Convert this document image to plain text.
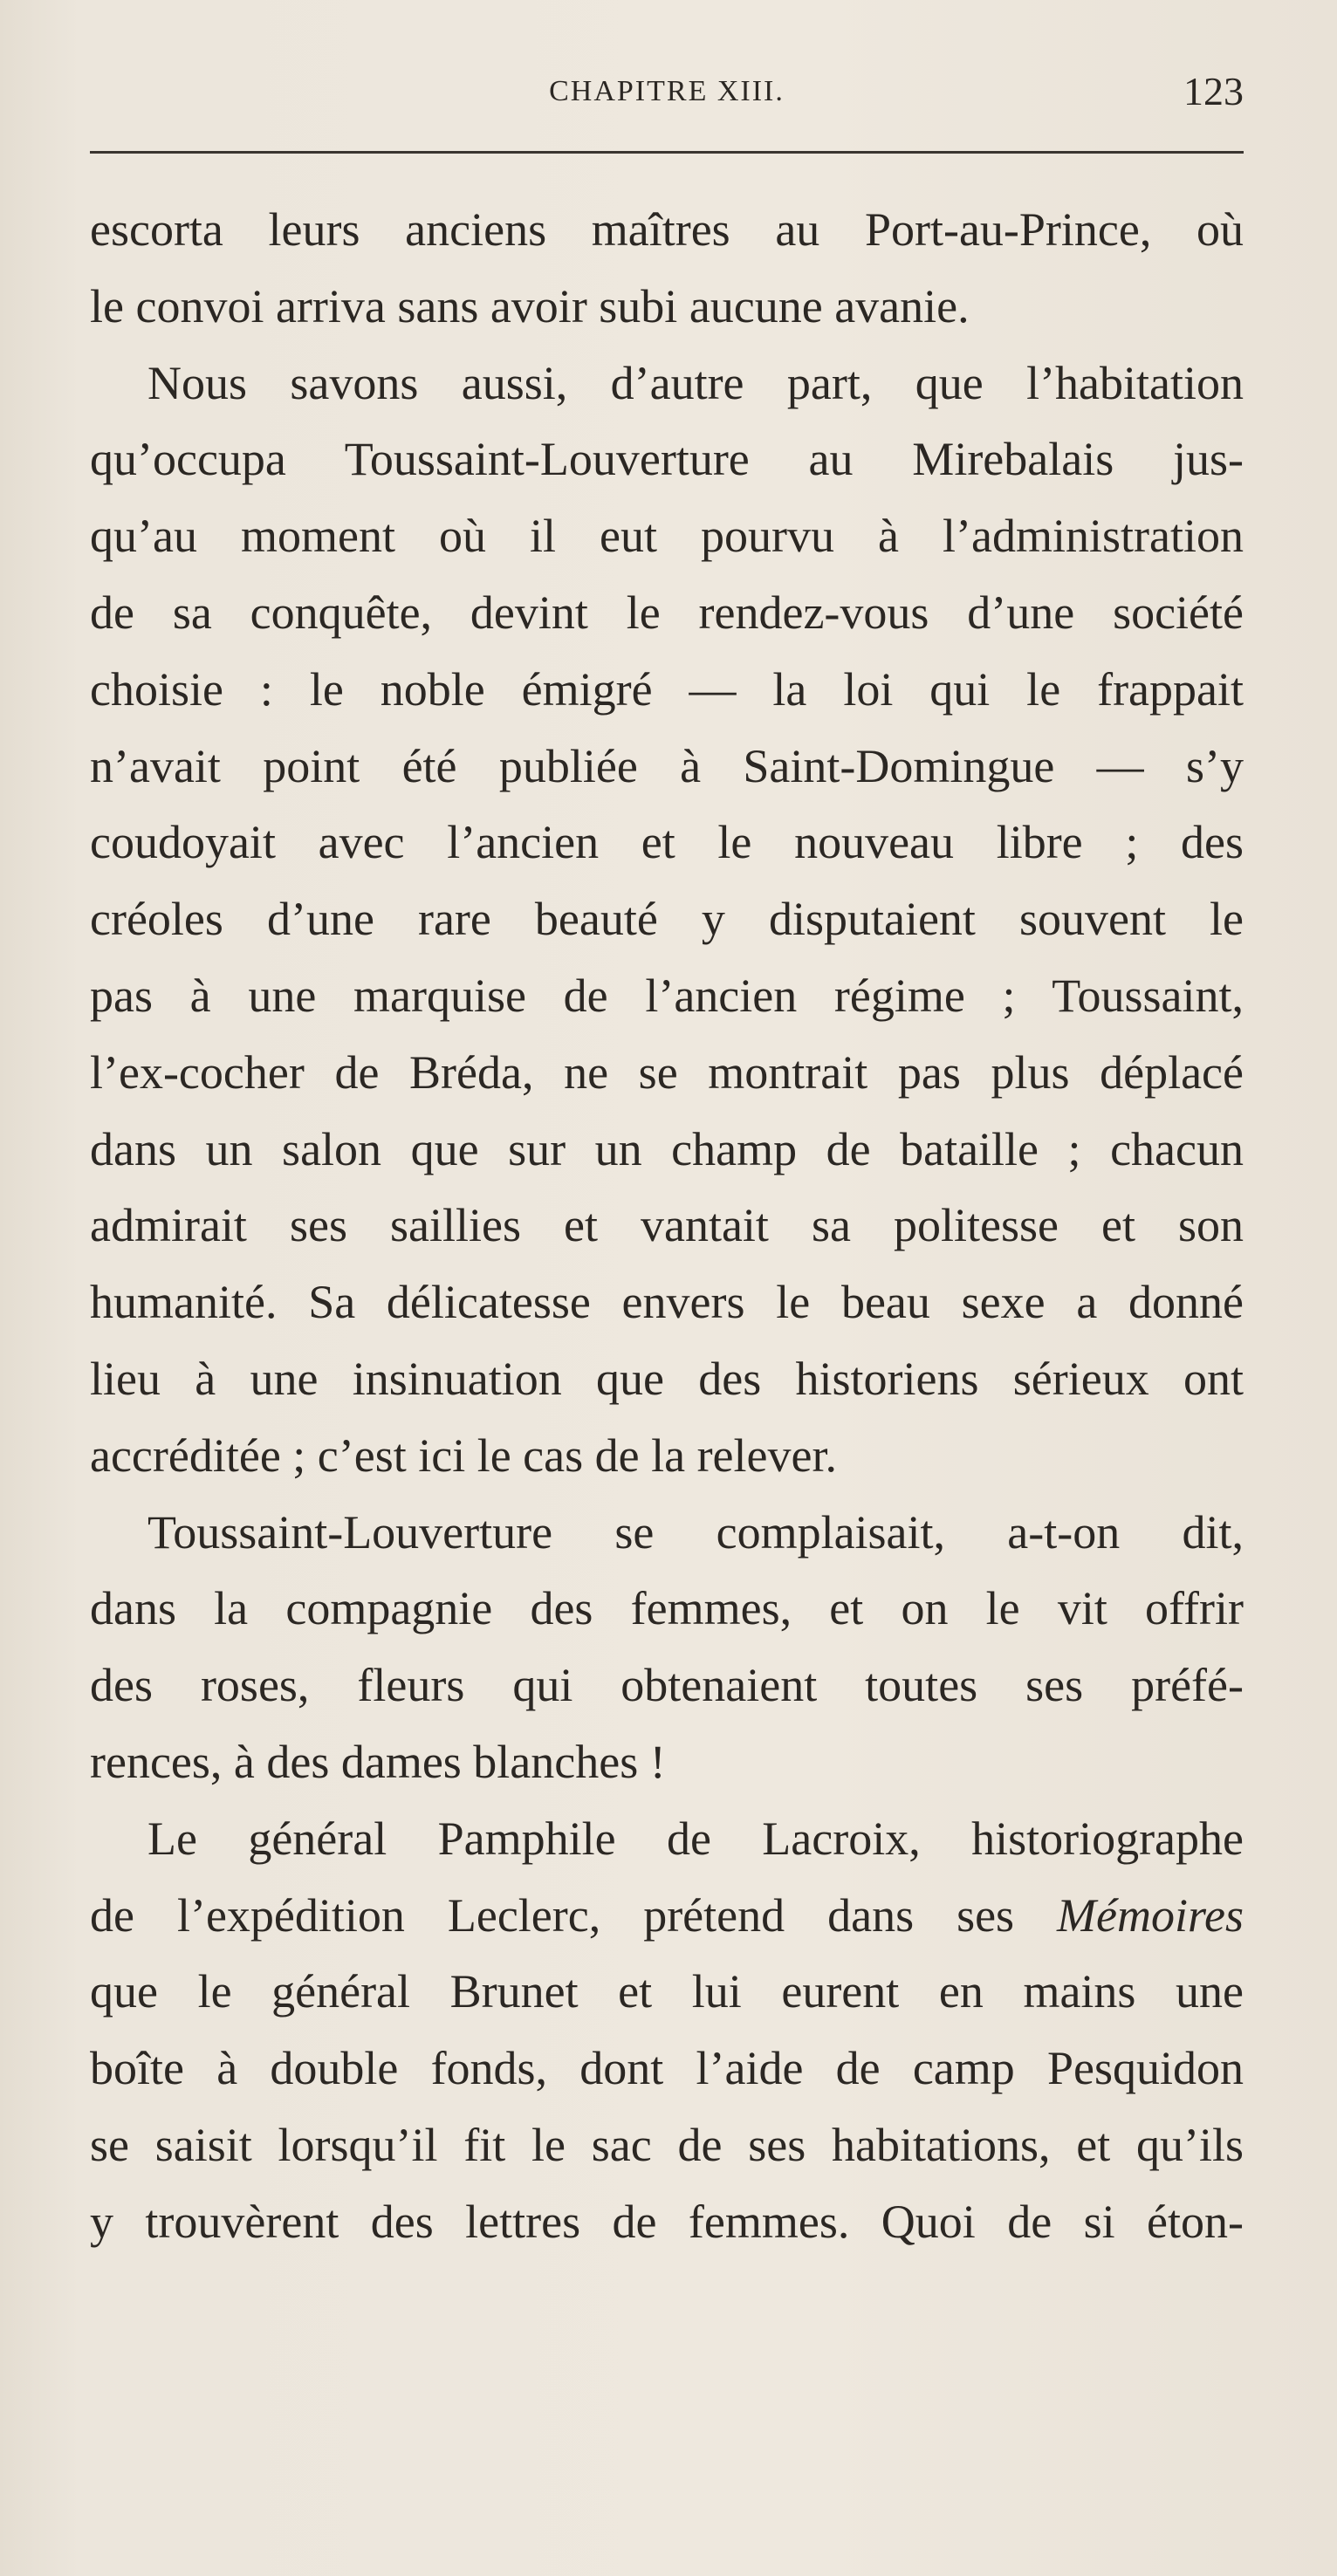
CHAPITRE XIII.	123
escorta leurs anciens maîtres au Port-au-Prince, où
le convoi arriva sans avoir subi aucune avanie.
Nous savons aussi, d’autre part, que l’habitation
qu’occupa Toussaint-Louverture au Mirebalais jus-
qu’au moment où il eut pourvu à l’administration
de sa conquête, devint le rendez-vous d’une société
choisie : le noble émigré — la loi qui le frappait
n’avait point été publiée à Saint-Domingue — s’y
coudoyait avec l’ancien et le nouveau libre ; des
créoles d’une rare beauté y disputaient souvent le
pas à une marquise de l’ancien régime ; Toussaint,
l’ex-cocher de Bréda, ne se montrait pas plus déplacé
dans un salon que sur un champ de bataille ; chacun
admirait ses saillies et vantait sa politesse et son
humanité. Sa délicatesse envers le beau sexe a donné
lieu à une insinuation que des historiens sérieux ont
accréditée ; c’est ici le cas de la relever.
Toussaint-Louverture se complaisait, a-t-on dit,
dans la compagnie des femmes, et on le vit offrir
des roses, fleurs qui obtenaient toutes ses préfé-
rences, à des dames blanches !
Le général Pamphile de Lacroix, historiographe
de l’expédition Leclerc, prétend dans ses Mémoires
que le général Brunet et lui eurent en mains une
boîte à double fonds, dont l’aide de camp Pesquidon
se saisit lorsqu’il fit le sac de ses habitations, et qu’ils
y trouvèrent des lettres de femmes. Quoi de si éton-
